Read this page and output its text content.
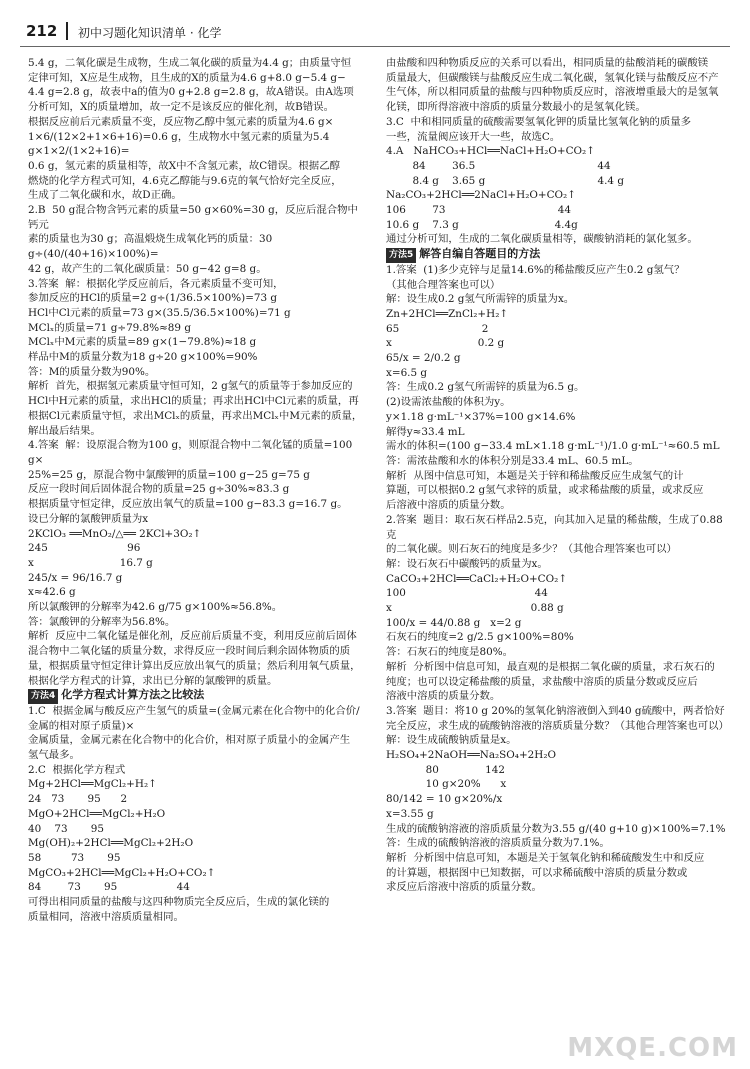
212 初中习题化知识清单 · 化学

5.4 g，二氧化碳是生成物，生成二氧化碳的质量为4.4 g；由质量守恒

定律可知，X应是生成物，且生成的X的质量为4.6 g+8.0 g−5.4 g−

4.4 g=2.8 g，故表中a的值为0 g+2.8 g=2.8 g，故A错误。由A选项

分析可知，X的质量增加，故一定不是该反应的催化剂，故B错误。

根据反应前后元素质量不变，反应物乙醇中氢元素的质量为4.6 g×

1×6/(12×2+1×6+16)=0.6 g，生成物水中氢元素的质量为5.4 g×1×2/(1×2+16)=

0.6 g，氢元素的质量相等，故X中不含氢元素，故C错误。根据乙醇

燃烧的化学方程式可知，4.6克乙醇能与9.6克的氧气恰好完全反应，

生成了二氧化碳和水，故D正确。

2.B  50 g混合物含钙元素的质量=50 g×60%=30 g，反应后混合物中钙元

素的质量也为30 g；高温煅烧生成氧化钙的质量：30 g÷(40/(40+16)×100%)=

42 g，故产生的二氧化碳质量：50 g−42 g=8 g。

3.答案  解：根据化学反应前后，各元素质量不变可知，

参加反应的HCl的质量=2 g÷(1/36.5×100%)=73 g

HCl中Cl元素的质量=73 g×(35.5/36.5×100%)=71 g

MClₓ的质量=71 g÷79.8%≈89 g

MClₓ中M元素的质量=89 g×(1−79.8%)≈18 g

样品中M的质量分数为18 g÷20 g×100%=90%

答：M的质量分数为90%。

解析  首先，根据氢元素质量守恒可知，2 g氢气的质量等于参加反应的

HCl中H元素的质量，求出HCl的质量；再求出HCl中Cl元素的质量，再

根据Cl元素质量守恒，求出MClₓ的质量，再求出MClₓ中M元素的质量，

解出最后结果。

4.答案  解：设原混合物为100 g，则原混合物中二氧化锰的质量=100 g×

25%=25 g，原混合物中氯酸钾的质量=100 g−25 g=75 g

反应一段时间后固体混合物的质量=25 g÷30%≈83.3 g

根据质量守恒定律，反应放出氧气的质量=100 g−83.3 g=16.7 g。

设已分解的氯酸钾质量为x

2KClO₃ ══MnO₂/△══ 2KCl+3O₂↑

245                        96

x                          16.7 g

245/x = 96/16.7 g

x≈42.6 g

所以氯酸钾的分解率为42.6 g/75 g×100%≈56.8%。

答：氯酸钾的分解率为56.8%。

解析  反应中二氧化锰是催化剂，反应前后质量不变，利用反应前后固体

混合物中二氧化锰的质量分数，求得反应一段时间后剩余固体物质的质

量，根据质量守恒定律计算出反应放出氧气的质量；然后利用氧气质量，

根据化学方程式的计算，求出已分解的氯酸钾的质量。

方法4 化学方程式计算方法之比较法

1.C  根据金属与酸反应产生氢气的质量=(金属元素在化合物中的化合价/金属的相对原子质量)×

金属质量，金属元素在化合物中的化合价，相对原子质量小的金属产生

氢气最多。

2.C  根据化学方程式

Mg+2HCl══MgCl₂+H₂↑

24   73       95      2

MgO+2HCl══MgCl₂+H₂O

40    73       95

Mg(OH)₂+2HCl══MgCl₂+2H₂O

58         73       95

MgCO₃+2HCl══MgCl₂+H₂O+CO₂↑

84        73       95                  44

可得出相同质量的盐酸与这四种物质完全反应后，生成的氯化镁的

质量相同，溶液中溶质质量相同。

由盐酸和四种物质反应的关系可以看出，相同质量的盐酸消耗的碳酸镁

质量最大，但碳酸镁与盐酸反应生成二氧化碳，氢氧化镁与盐酸反应不产

生气体，所以相同质量的盐酸与四种物质反应时，溶液增重最大的是氢氧

化镁，即所得溶液中溶质的质量分数最小的是氢氧化镁。

3.C  中和相同质量的硫酸需要氢氧化钾的质量比氢氧化钠的质量多

一些，流量阀应该开大一些，故选C。

4.A   NaHCO₃+HCl══NaCl+H₂O+CO₂↑

84        36.5                                     44

8.4 g    3.65 g                                  4.4 g

Na₂CO₃+2HCl══2NaCl+H₂O+CO₂↑

106        73                                  44

10.6 g    7.3 g                             4.4g

通过分析可知，生成的二氧化碳质量相等，碳酸钠消耗的氯化氢多。

方法5 解答自编自答题目的方法

1.答案  (1)多少克锌与足量14.6%的稀盐酸反应产生0.2 g氢气？

（其他合理答案也可以）

解：设生成0.2 g氢气所需锌的质量为x。

Zn+2HCl══ZnCl₂+H₂↑

65                         2

x                          0.2 g

65/x = 2/0.2 g

x=6.5 g

答：生成0.2 g氢气所需锌的质量为6.5 g。

(2)设需浓盐酸的体积为y。

y×1.18 g·mL⁻¹×37%=100 g×14.6%

解得y≈33.4 mL

需水的体积=(100 g−33.4 mL×1.18 g·mL⁻¹)/1.0 g·mL⁻¹≈60.5 mL

答：需浓盐酸和水的体积分别是33.4 mL、60.5 mL。

解析  从图中信息可知，本题是关于锌和稀盐酸反应生成氢气的计

算题，可以根据0.2 g氢气求锌的质量，或求稀盐酸的质量，或求反应

后溶液中溶质的质量分数。

2.答案  题目：取石灰石样品2.5克，向其加入足量的稀盐酸，生成了0.88克

的二氧化碳。则石灰石的纯度是多少？（其他合理答案也可以）

解：设石灰石中碳酸钙的质量为x。

CaCO₃+2HCl══CaCl₂+H₂O+CO₂↑

100                                       44

x                                          0.88 g

100/x = 44/0.88 g   x=2 g

石灰石的纯度=2 g/2.5 g×100%=80%

答：石灰石的纯度是80%。

解析  分析图中信息可知，最直观的是根据二氧化碳的质量，求石灰石的

纯度；也可以设定稀盐酸的质量，求盐酸中溶质的质量分数或反应后

溶液中溶质的质量分数。

3.答案  题目：将10 g 20%的氢氧化钠溶液倒入到40 g硫酸中，两者恰好

完全反应，求生成的硫酸钠溶液的溶质质量分数？（其他合理答案也可以）

解：设生成硫酸钠质量是x。

H₂SO₄+2NaOH══Na₂SO₄+2H₂O

80              142

10 g×20%      x

80/142 = 10 g×20%/x

x=3.55 g

生成的硫酸钠溶液的溶质质量分数为3.55 g/(40 g+10 g)×100%=7.1%

答：生成的硫酸钠溶液的溶质质量分数为7.1%。

解析  分析图中信息可知，本题是关于氢氧化钠和稀硫酸发生中和反应

的计算题，根据图中已知数据，可以求稀硫酸中溶质的质量分数或

求反应后溶液中溶质的质量分数。

MXQE.COM
